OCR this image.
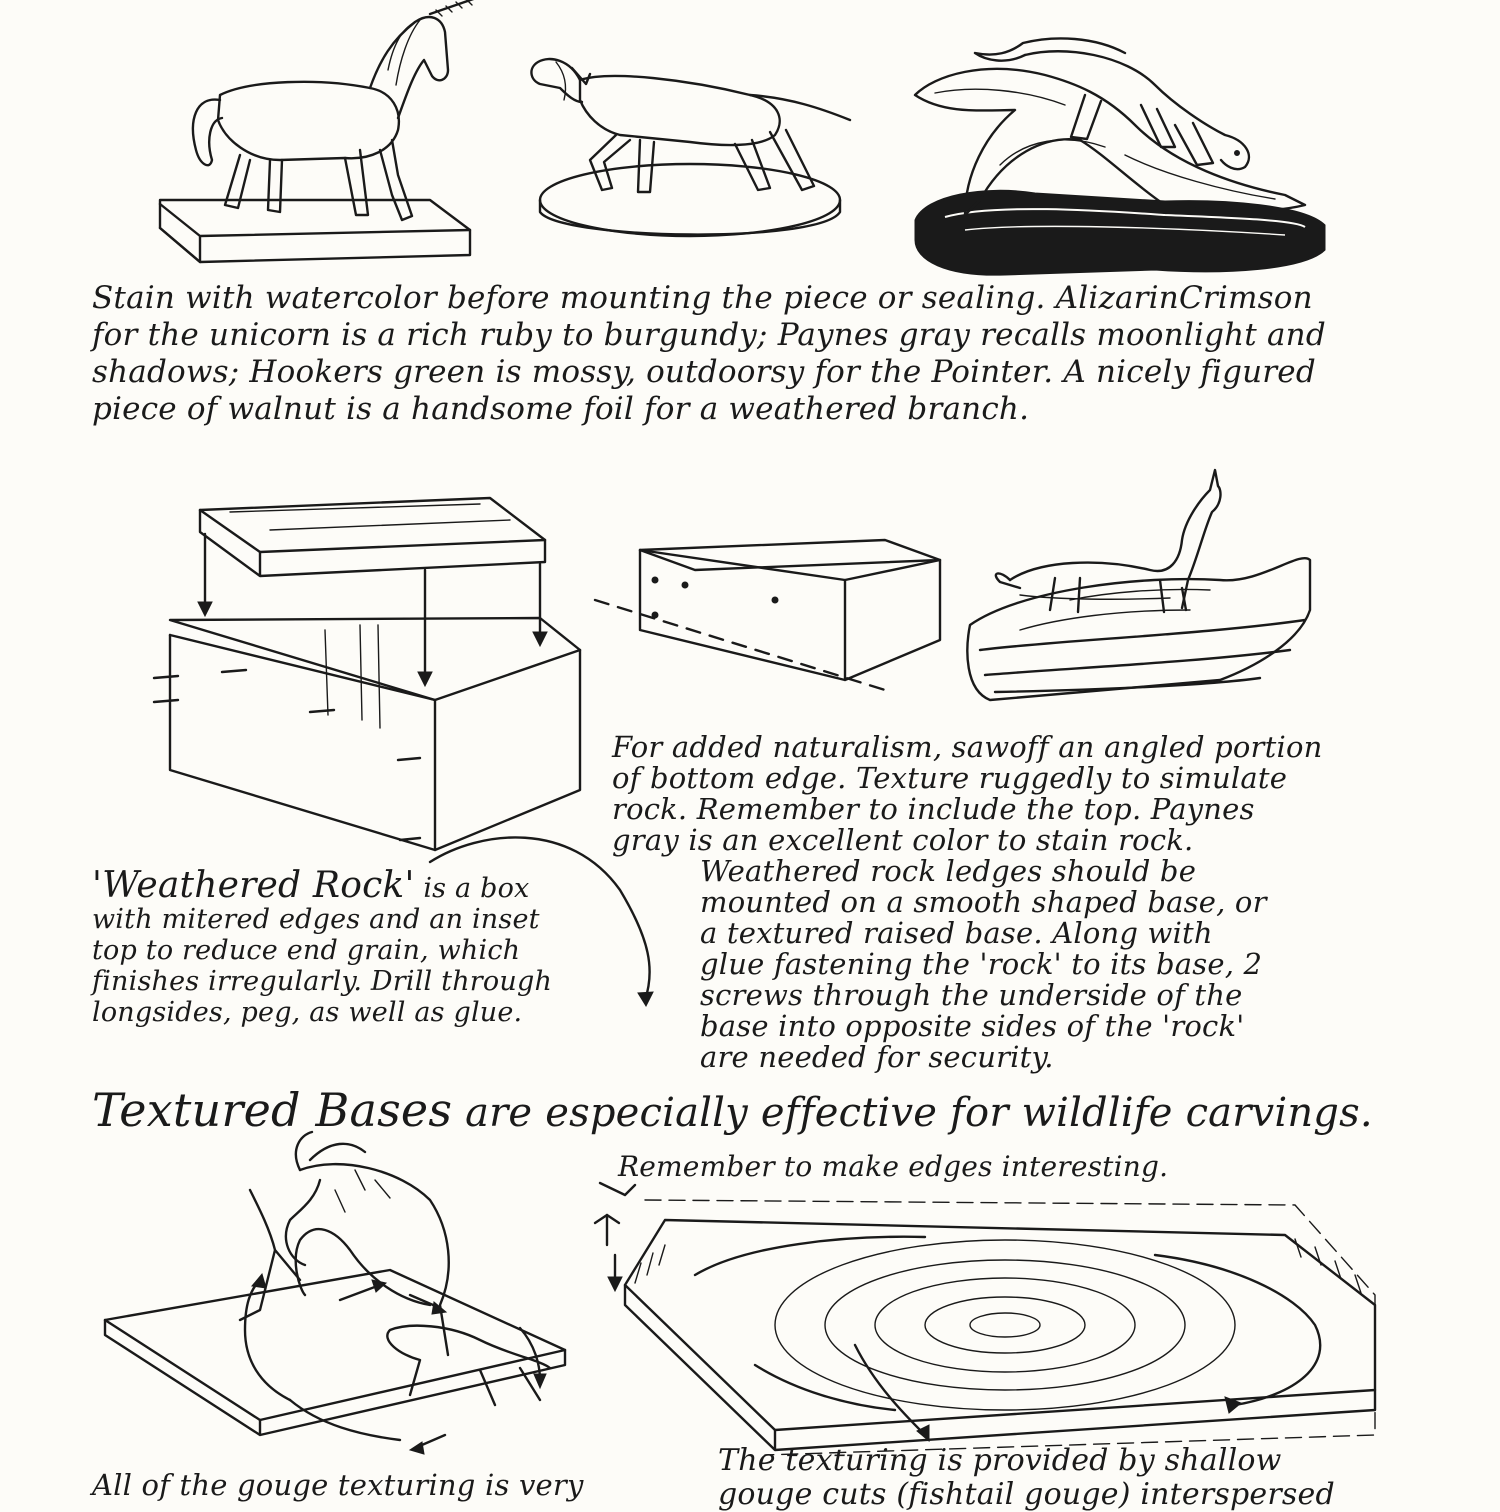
Stain with watercolor before mounting the piece or sealing. AlizarinCrimson
for the unicorn is a rich ruby to burgundy; Paynes gray recalls moonlight and
shadows; Hookers green is mossy, outdoorsy for the Pointer. A nicely figured
piece of walnut is a handsome foil for a weathered branch.
For added naturalism, sawoff an angled portion
of bottom edge. Texture ruggedly to simulate
rock. Remember to include the top. Paynes
gray is an excellent color to stain rock.
Weathered rock ledges should be
mounted on a smooth shaped base, or
a textured raised base. Along with
glue fastening the 'rock' to its base, 2
screws through the underside of the
base into opposite sides of the 'rock'
are needed for security.
'Weathered Rock' is a box
with mitered edges and an inset
top to reduce end grain, which
finishes irregularly. Drill through
longsides, peg, as well as glue.
Textured Bases are especially effective for wildlife carvings.
Remember to make edges interesting.
All of the gouge texturing is very
The texturing is provided by shallow
gouge cuts (fishtail gouge) interspersed
